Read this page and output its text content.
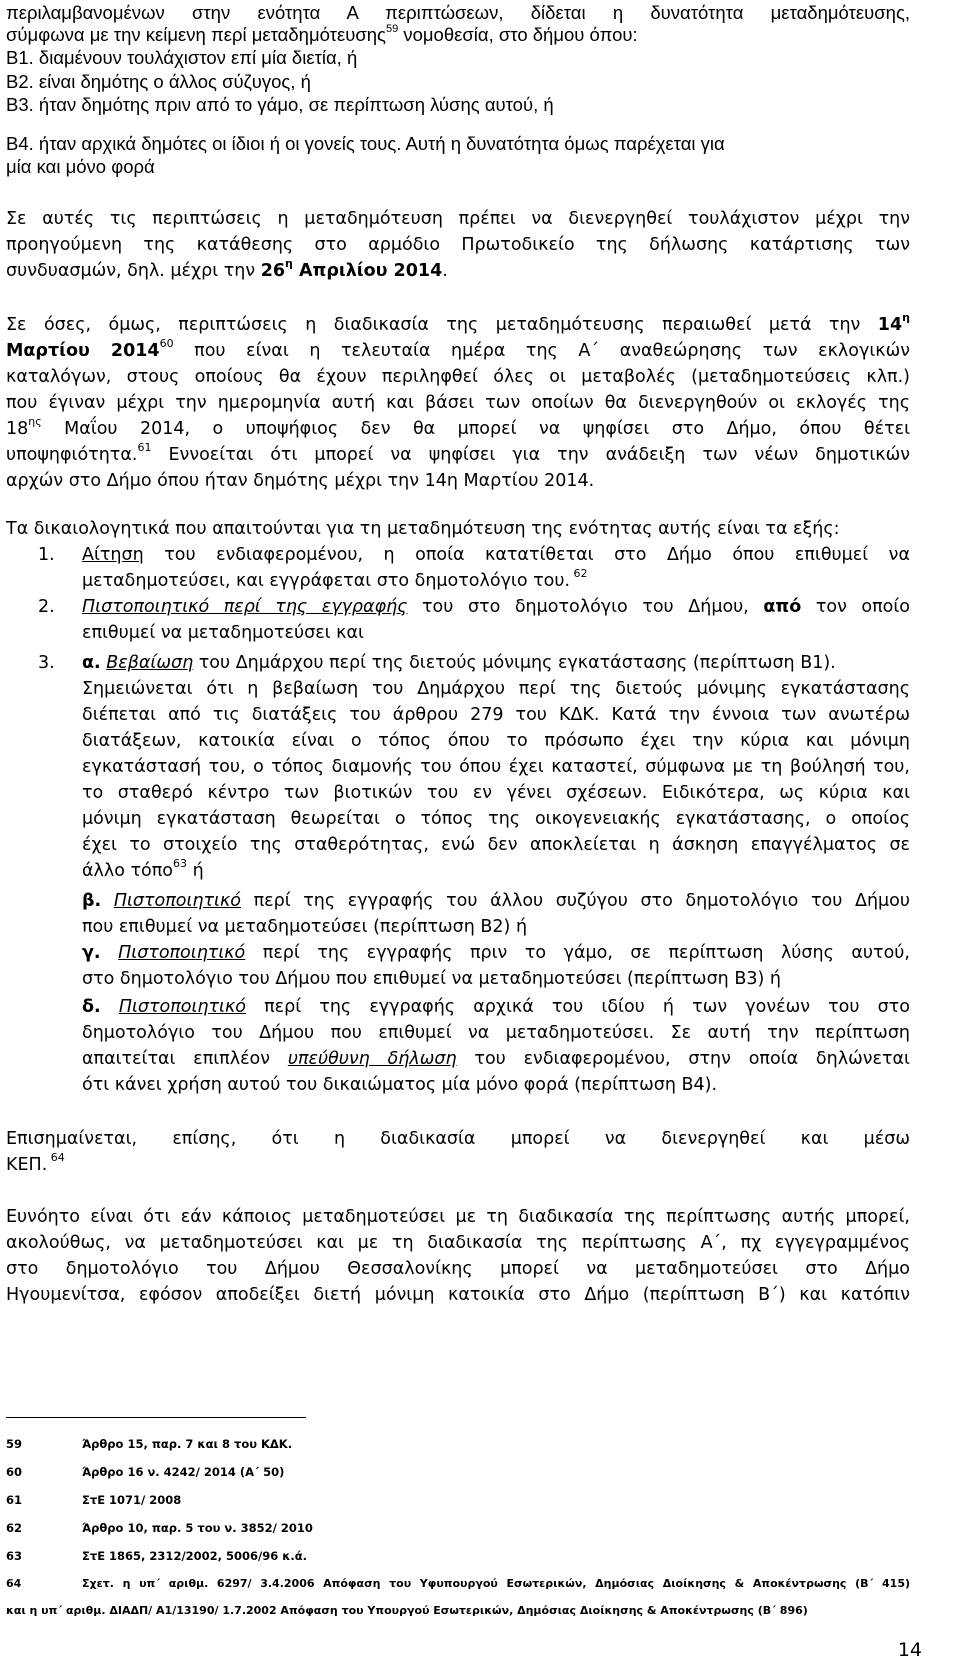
περιλαμβανομένων στην ενότητα Α περιπτώσεων, δίδεται η δυνατότητα μεταδημότευσης,
σύμφωνα με την κείμενη περί μεταδημότευσης$^{59}$ νομοθεσία, στο δήμου όπου:
Β1. διαμένουν τουλάχιστον επί μία διετία, ή
Β2. είναι δημότης ο άλλος σύζυγος, ή
Β3. ήταν δημότης πριν από το γάμο, σε περίπτωση λύσης αυτού, ή
Β4. ήταν αρχικά δημότες οι ίδιοι ή οι γονείς τους. Αυτή η δυνατότητα όμως παρέχεται για
μία και μόνο φορά
Σε αυτές τις περιπτώσεις η μεταδημότευση πρέπει να διενεργηθεί τουλάχιστον μέχρι την
προηγούμενη της κατάθεσης στο αρμόδιο Πρωτοδικείο της δήλωσης κατάρτισης των
συνδυασμών, δηλ. μέχρι την $26^\eta$ Απριλίου 2014.
Σε όσες, όμως, περιπτώσεις η διαδικασία της μεταδημότευσης περαιωθεί μετά την $14^\eta$
Μαρτίου 2014$^{60}$ που είναι η τελευταία ημέρα της Α΄ αναθεώρησης των εκλογικών
καταλόγων, στους οποίους θα έχουν περιληφθεί όλες οι μεταβολές (μεταδημοτεύσεις κλπ.)
που έγιναν μέχρι την ημερομηνία αυτή και βάσει των οποίων θα διενεργηθούν οι εκλογές της
$18^{\eta\varsigma}$ Μαΐου 2014, ο υποψήφιος δεν θα μπορεί να ψηφίσει στο Δήμο, όπου θέτει
υποψηφιότητα.$^{61}$ Εννοείται ότι μπορεί να ψηφίσει για την ανάδειξη των νέων δημοτικών
αρχών στο Δήμο όπου ήταν δημότης μέχρι την 14η Μαρτίου 2014.
Τα δικαιολογητικά που απαιτούνται για τη μεταδημότευση της ενότητας αυτής είναι τα εξής:
1. Αίτηση του ενδιαφερομένου, η οποία κατατίθεται στο Δήμο όπου επιθυμεί να
μεταδημοτεύσει, και εγγράφεται στο δημοτολόγιο του. $^{62}$
2. Πιστοποιητικό περί της εγγραφής του στο δημοτολόγιο του Δήμου, από τον οποίο
επιθυμεί να μεταδημοτεύσει και
3. α. Βεβαίωση του Δημάρχου περί της διετούς μόνιμης εγκατάστασης (περίπτωση Β1).
Σημειώνεται ότι η βεβαίωση του Δημάρχου περί της διετούς μόνιμης εγκατάστασης
διέπεται από τις διατάξεις του άρθρου 279 του ΚΔΚ. Κατά την έννοια των ανωτέρω
διατάξεων, κατοικία είναι ο τόπος όπου το πρόσωπο έχει την κύρια και μόνιμη
εγκατάστασή του, ο τόπος διαμονής του όπου έχει καταστεί, σύμφωνα με τη βούλησή του,
το σταθερό κέντρο των βιοτικών του εν γένει σχέσεων. Ειδικότερα, ως κύρια και
μόνιμη εγκατάσταση θεωρείται ο τόπος της οικογενειακής εγκατάστασης, ο οποίος
έχει το στοιχείο της σταθερότητας, ενώ δεν αποκλείεται η άσκηση επαγγέλματος σε
άλλο τόπο$^{63}$ ή
β. Πιστοποιητικό περί της εγγραφής του άλλου συζύγου στο δημοτολόγιο του Δήμου
που επιθυμεί να μεταδημοτεύσει (περίπτωση Β2) ή
γ. Πιστοποιητικό περί της εγγραφής πριν το γάμο, σε περίπτωση λύσης αυτού,
στο δημοτολόγιο του Δήμου που επιθυμεί να μεταδημοτεύσει (περίπτωση Β3) ή
δ. Πιστοποιητικό περί της εγγραφής αρχικά του ιδίου ή των γονέων του στο
δημοτολόγιο του Δήμου που επιθυμεί να μεταδημοτεύσει. Σε αυτή την περίπτωση
απαιτείται επιπλέον υπεύθυνη δήλωση του ενδιαφερομένου, στην οποία δηλώνεται
ότι κάνει χρήση αυτού του δικαιώματος μία μόνο φορά (περίπτωση Β4).
Επισημαίνεται, επίσης, ότι η διαδικασία μπορεί να διενεργηθεί και μέσω
ΚΕΠ. $^{64}$
Ευνόητο είναι ότι εάν κάποιος μεταδημοτεύσει με τη διαδικασία της περίπτωσης αυτής μπορεί,
ακολούθως, να μεταδημοτεύσει και με τη διαδικασία της περίπτωσης Α΄, πχ εγγεγραμμένος
στο δημοτολόγιο του Δήμου Θεσσαλονίκης μπορεί να μεταδημοτεύσει στο Δήμο
Ηγουμενίτσα, εφόσον αποδείξει διετή μόνιμη κατοικία στο Δήμο (περίπτωση Β΄) και κατόπιν
59	Άρθρο 15, παρ. 7 και 8 του ΚΔΚ.
60	Άρθρο 16 ν. 4242/ 2014 (Α΄ 50)
61	ΣτΕ 1071/ 2008
62	Άρθρο 10, παρ. 5 του ν. 3852/ 2010
63	ΣτΕ 1865, 2312/2002, 5006/96 κ.ά.
64	Σχετ. η υπ΄ αριθμ. 6297/ 3.4.2006 Απόφαση του Υφυπουργού Εσωτερικών, Δημόσιας Διοίκησης & Αποκέντρωσης (Β΄ 415)
και η υπ΄ αριθμ. ΔΙΑΔΠ/ Α1/13190/ 1.7.2002 Απόφαση του Υπουργού Εσωτερικών, Δημόσιας Διοίκησης & Αποκέντρωσης (Β΄ 896)
14
